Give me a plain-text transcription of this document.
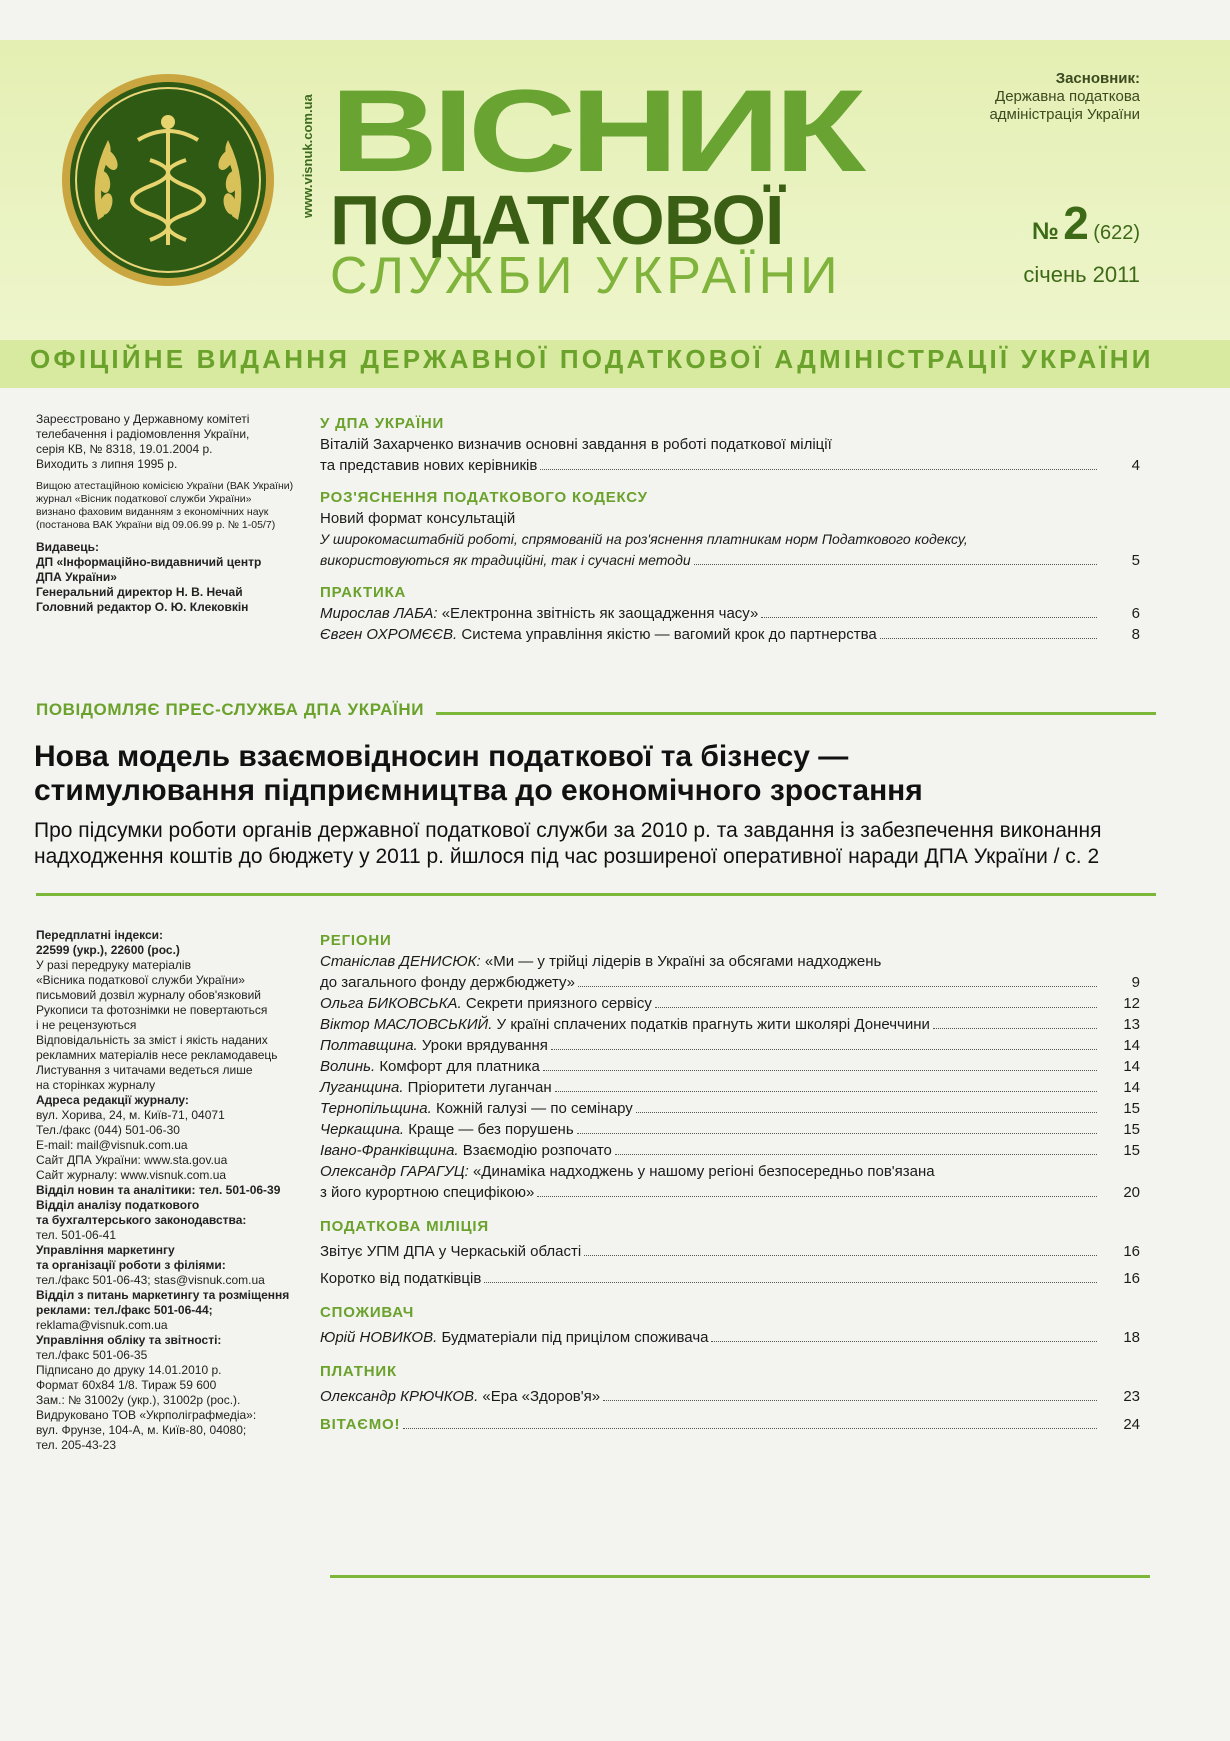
www.visnuk.com.ua ВІСНИК
ПОДАТКОВОЇ
СЛУЖБИ УКРАЇНИ
Засновник:
Державна податкова
адміністрація України
№ 2 (622)
січень 2011
ОФІЦІЙНЕ ВИДАННЯ ДЕРЖАВНОЇ ПОДАТКОВОЇ АДМІНІСТРАЦІЇ УКРАЇНИ

Зареєстровано у Державному комітеті

телебачення і радіомовлення України,

серія КВ, № 8318, 19.01.2004 р.

Виходить з липня 1995 р.

Вищою атестаційною комісією України (ВАК України)

журнал «Вісник податкової служби України»

визнано фаховим виданням з економічних наук

(постанова ВАК України від 09.06.99 р. № 1-05/7)

Видавець:

ДП «Інформаційно-видавничий центр

ДПА України»

Генеральний директор Н. В. Нечай

Головний редактор О. Ю. Клековкін

У ДПА УКРАЇНИ
Віталій Захарченко визначив основні завдання в роботі податкової міліції
та представив нових керівників	4
РОЗ'ЯСНЕННЯ ПОДАТКОВОГО КОДЕКСУ
Новий формат консультацій
У широкомасштабній роботі, спрямованій на роз'яснення платникам норм Податкового кодексу,
використовуються як традиційні, так і сучасні методи	5
ПРАКТИКА
Мирослав ЛАБА: «Електронна звітність як заощадження часу»	6
Євген ОХРОМЄЄВ. Система управління якістю — вагомий крок до партнерства	8
ПОВІДОМЛЯЄ ПРЕС-СЛУЖБА ДПА УКРАЇНИ
Нова модель взаємовідносин податкової та бізнесу —
стимулювання підприємництва до економічного зростання
Про підсумки роботи органів державної податкової служби за 2010 р. та завдання із забезпечення виконання
надходження коштів до бюджету у 2011 р. йшлося під час розширеної оперативної наради ДПА України / с. 2

Передплатні індекси:

22599 (укр.), 22600 (рос.)

У разі передруку матеріалів

«Вісника податкової служби України»

письмовий дозвіл журналу обов'язковий

Рукописи та фотознімки не повертаються

і не рецензуються

Відповідальність за зміст і якість наданих

рекламних матеріалів несе рекламодавець

Листування з читачами ведеться лише

на сторінках журналу

Адреса редакції журналу:

вул. Хорива, 24, м. Київ-71, 04071

Тел./факс (044) 501-06-30

E-mail: mail@visnuk.com.ua

Сайт ДПА України: www.sta.gov.ua

Сайт журналу: www.visnuk.com.ua

Відділ новин та аналітики: тел. 501-06-39

Відділ аналізу податкового

та бухгалтерського законодавства:

тел. 501-06-41

Управління маркетингу

та організації роботи з філіями:

тел./факс 501-06-43; stas@visnuk.com.ua

Відділ з питань маркетингу та розміщення

реклами: тел./факс 501-06-44;

reklama@visnuk.com.ua

Управління обліку та звітності:

тел./факс 501-06-35

Підписано до друку 14.01.2010 р.

Формат 60х84 1/8. Тираж 59 600

Зам.: № 31002у (укр.), 31002р (рос.).

Видруковано ТОВ «Укрполіграфмедіа»:

вул. Фрунзе, 104-А, м. Київ-80, 04080;

тел. 205-43-23

РЕГІОНИ
Станіслав ДЕНИСЮК: «Ми — у трійці лідерів в Україні за обсягами надходжень
до загального фонду держбюджету»	9
Ольга БИКОВСЬКА. Секрети приязного сервісу	12
Віктор МАСЛОВСЬКИЙ. У країні сплачених податків прагнуть жити школярі Донеччини	13
Полтавщина. Уроки врядування	14
Волинь. Комфорт для платника	14
Луганщина. Пріоритети луганчан	14
Тернопільщина. Кожній галузі — по семінару	15
Черкащина. Краще — без порушень	15
Івано-Франківщина. Взаємодію розпочато	15
Олександр ГАРАГУЦ: «Динаміка надходжень у нашому регіоні безпосередньо пов'язана
з його курортною специфікою»	20
ПОДАТКОВА МІЛІЦІЯ
Звітує УПМ ДПА у Черкаській області	16
Коротко від податківців	16
СПОЖИВАЧ
Юрій НОВИКОВ. Будматеріали під прицілом споживача	18
ПЛАТНИК
Олександр КРЮЧКОВ. «Ера «Здоров'я»	23
ВІТАЄМО!	24
